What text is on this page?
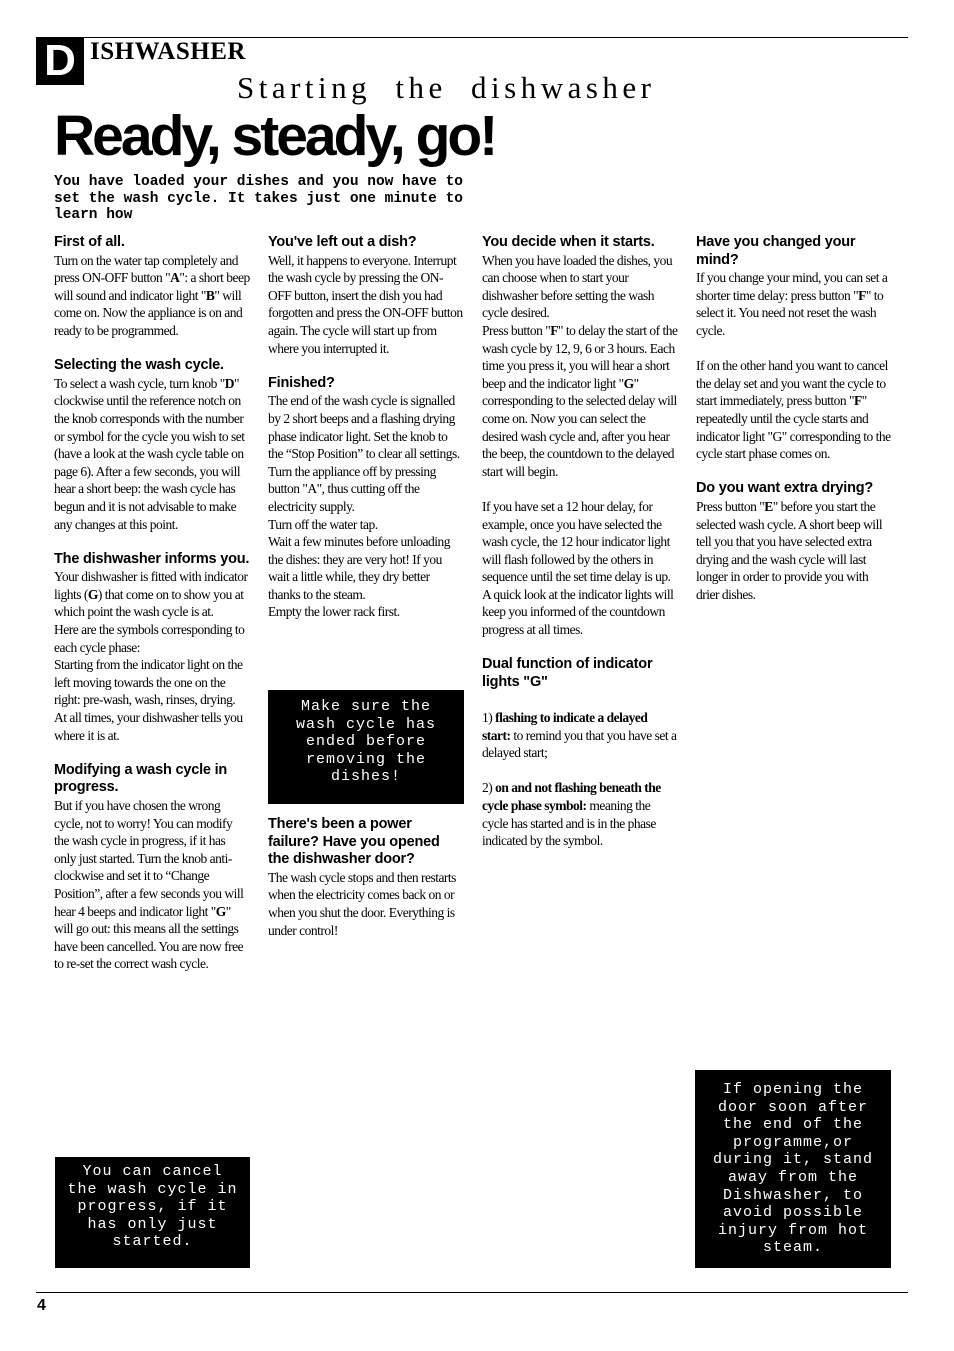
D ISHWASHER
Starting the dishwasher
Ready, steady, go!
You have loaded your dishes and you now have to set the wash cycle. It takes just one minute to learn how
First of all.

Turn on the water tap completely and press ON-OFF button "A": a short beep will sound and indicator light "B" will come on. Now the appliance is on and ready to be programmed.

Selecting the wash cycle.

To select a wash cycle, turn knob "D" clockwise until the reference notch on the knob corresponds with the number or symbol for the cycle you wish to set (have a look at the wash cycle table on page 6). After a few seconds, you will hear a short beep: the wash cycle has begun and it is not advisable to make any changes at this point.

The dishwasher informs you.

Your dishwasher is fitted with indicator lights (G) that come on to show you at which point the wash cycle is at.

Here are the symbols corresponding to each cycle phase:

Starting from the indicator light on the left moving towards the one on the right: pre-wash, wash, rinses, drying.

At all times, your dishwasher tells you where it is at.

Modifying a wash cycle in progress.

But if you have chosen the wrong cycle, not to worry! You can modify the wash cycle in progress, if it has only just started. Turn the knob anti-clockwise and set it to “Change Position”, after a few seconds you will hear 4 beeps and indicator light "G" will go out: this means all the settings have been cancelled. You are now free to re-set the correct wash cycle.

You've left out a dish?

Well, it happens to everyone. Interrupt the wash cycle by pressing the ON-OFF button, insert the dish you had forgotten and press the ON-OFF button again. The cycle will start up from where you interrupted it.

Finished?

The end of the wash cycle is signalled by 2 short beeps and a flashing drying phase indicator light. Set the knob to the “Stop Position” to clear all settings.

Turn the appliance off by pressing button "A", thus cutting off the electricity supply.

Turn off the water tap.

Wait a few minutes before unloading the dishes: they are very hot! If you wait a little while, they dry better thanks to the steam.

Empty the lower rack first.

There's been a power failure? Have you opened the dishwasher door?

The wash cycle stops and then restarts when the electricity comes back on or when you shut the door. Everything is under control!

You decide when it starts.

When you have loaded the dishes, you can choose when to start your dishwasher before setting the wash cycle desired.

Press button "F" to delay the start of the wash cycle by 12, 9, 6 or 3 hours. Each time you press it, you will hear a short beep and the indicator light "G" corresponding to the selected delay will come on. Now you can select the desired wash cycle and, after you hear the beep, the countdown to the delayed start will begin.

If you have set a 12 hour delay, for example, once you have selected the wash cycle, the 12 hour indicator light will flash followed by the others in sequence until the set time delay is up. A quick look at the indicator lights will keep you informed of the countdown progress at all times.

Dual function of indicator lights "G"

1) flashing to indicate a delayed start: to remind you that you have set a delayed start;

2) on and not flashing beneath the cycle phase symbol: meaning the cycle has started and is in the phase indicated by the symbol.

Have you changed your mind?

If you change your mind, you can set a shorter time delay: press button "F" to select it. You need not reset the wash cycle.

If on the other hand you want to cancel the delay set and you want the cycle to start immediately, press button "F" repeatedly until the cycle starts and indicator light "G" corresponding to the cycle start phase comes on.

Do you want extra drying?

Press button "E" before you start the selected wash cycle. A short beep will tell you that you have selected extra drying and the wash cycle will last longer in order to provide you with drier dishes.

You can cancel the wash cycle in progress, if it has only just started.
Make sure the wash cycle has ended before removing the dishes!
If opening the door soon after the end of the programme,or during it, stand away from the Dishwasher, to avoid possible injury from hot steam.
4
